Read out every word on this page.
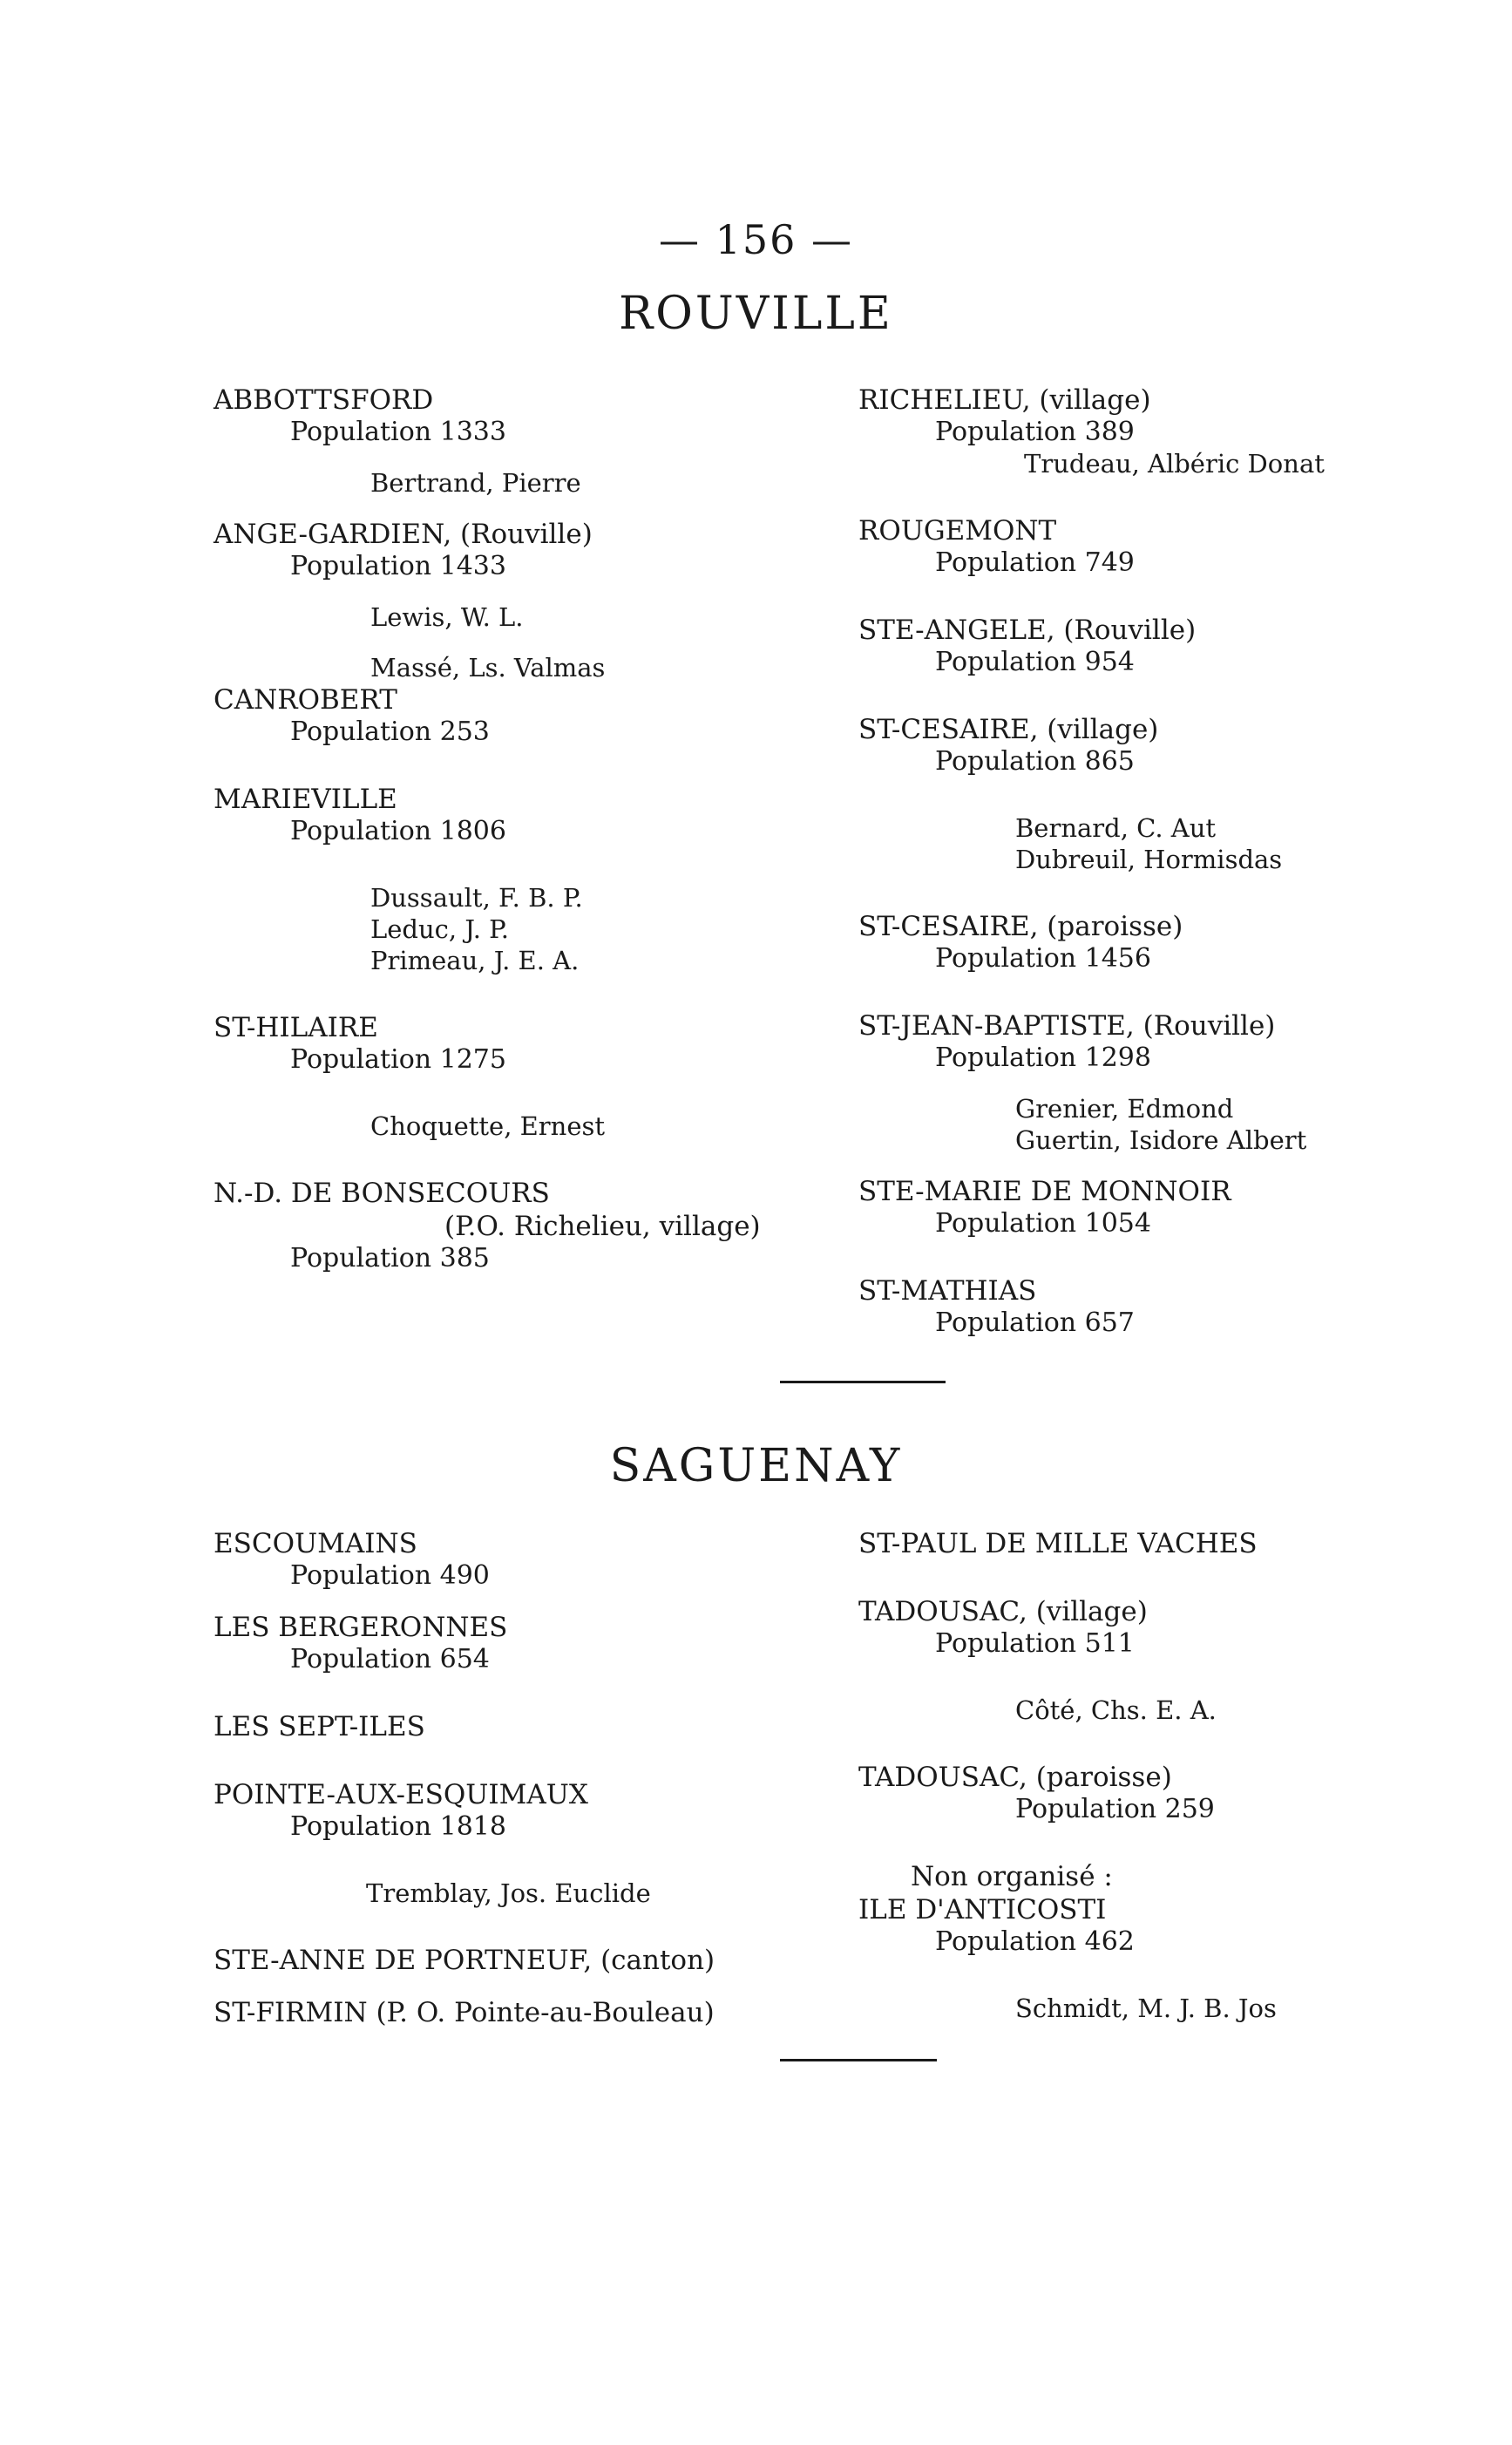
— 156 —
ROUVILLE
ABBOTTSFORD
Population 1333
Bertrand, Pierre
ANGE-GARDIEN, (Rouville)
Population 1433
Lewis, W. L.
Massé, Ls. Valmas
CANROBERT
Population 253
MARIEVILLE
Population 1806
Dussault, F. B. P.
Leduc, J. P.
Primeau, J. E. A.
ST-HILAIRE
Population 1275
Choquette, Ernest
N.-D. DE BONSECOURS
(P.O. Richelieu, village)
Population 385
RICHELIEU, (village)
Population 389
Trudeau, Albéric Donat
ROUGEMONT
Population 749
STE-ANGELE, (Rouville)
Population 954
ST-CESAIRE, (village)
Population 865
Bernard, C. Aut
Dubreuil, Hormisdas
ST-CESAIRE, (paroisse)
Population 1456
ST-JEAN-BAPTISTE, (Rouville)
Population 1298
Grenier, Edmond
Guertin, Isidore Albert
STE-MARIE DE MONNOIR
Population 1054
ST-MATHIAS
Population 657
SAGUENAY
ESCOUMAINS
Population 490
LES BERGERONNES
Population 654
LES SEPT-ILES
POINTE-AUX-ESQUIMAUX
Population 1818
Tremblay, Jos. Euclide
STE-ANNE DE PORTNEUF, (canton)
ST-FIRMIN (P. O. Pointe-au-Bouleau)
ST-PAUL DE MILLE VACHES
TADOUSAC, (village)
Population 511
Côté, Chs. E. A.
TADOUSAC, (paroisse)
Population 259
Non organisé :
ILE D'ANTICOSTI
Population 462
Schmidt, M. J. B. Jos
